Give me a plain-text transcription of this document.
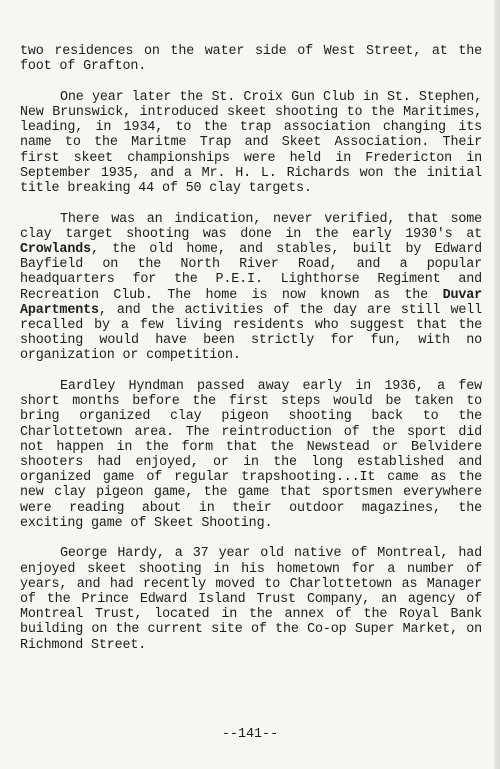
two residences on the water side of West Street, at the foot of Grafton.

One year later the St. Croix Gun Club in St. Stephen, New Brunswick, introduced skeet shooting to the Maritimes, leading, in 1934, to the trap association changing its name to the Maritme Trap and Skeet Association. Their first skeet championships were held in Fredericton in September 1935, and a Mr. H. L. Richards won the initial title breaking 44 of 50 clay targets.

There was an indication, never verified, that some clay target shooting was done in the early 1930's at Crowlands, the old home, and stables, built by Edward Bayfield on the North River Road, and a popular headquarters for the P.E.I. Lighthorse Regiment and Recreation Club. The home is now known as the Duvar Apartments, and the activities of the day are still well recalled by a few living residents who suggest that the shooting would have been strictly for fun, with no organization or competition.

Eardley Hyndman passed away early in 1936, a few short months before the first steps would be taken to bring organized clay pigeon shooting back to the Charlottetown area. The reintroduction of the sport did not happen in the form that the Newstead or Belvidere shooters had enjoyed, or in the long established and organized game of regular trapshooting...It came as the new clay pigeon game, the game that sportsmen everywhere were reading about in their outdoor magazines, the exciting game of Skeet Shooting.

George Hardy, a 37 year old native of Montreal, had enjoyed skeet shooting in his hometown for a number of years, and had recently moved to Charlottetown as Manager of the Prince Edward Island Trust Company, an agency of Montreal Trust, located in the annex of the Royal Bank building on the current site of the Co-op Super Market, on Richmond Street.

--141--
